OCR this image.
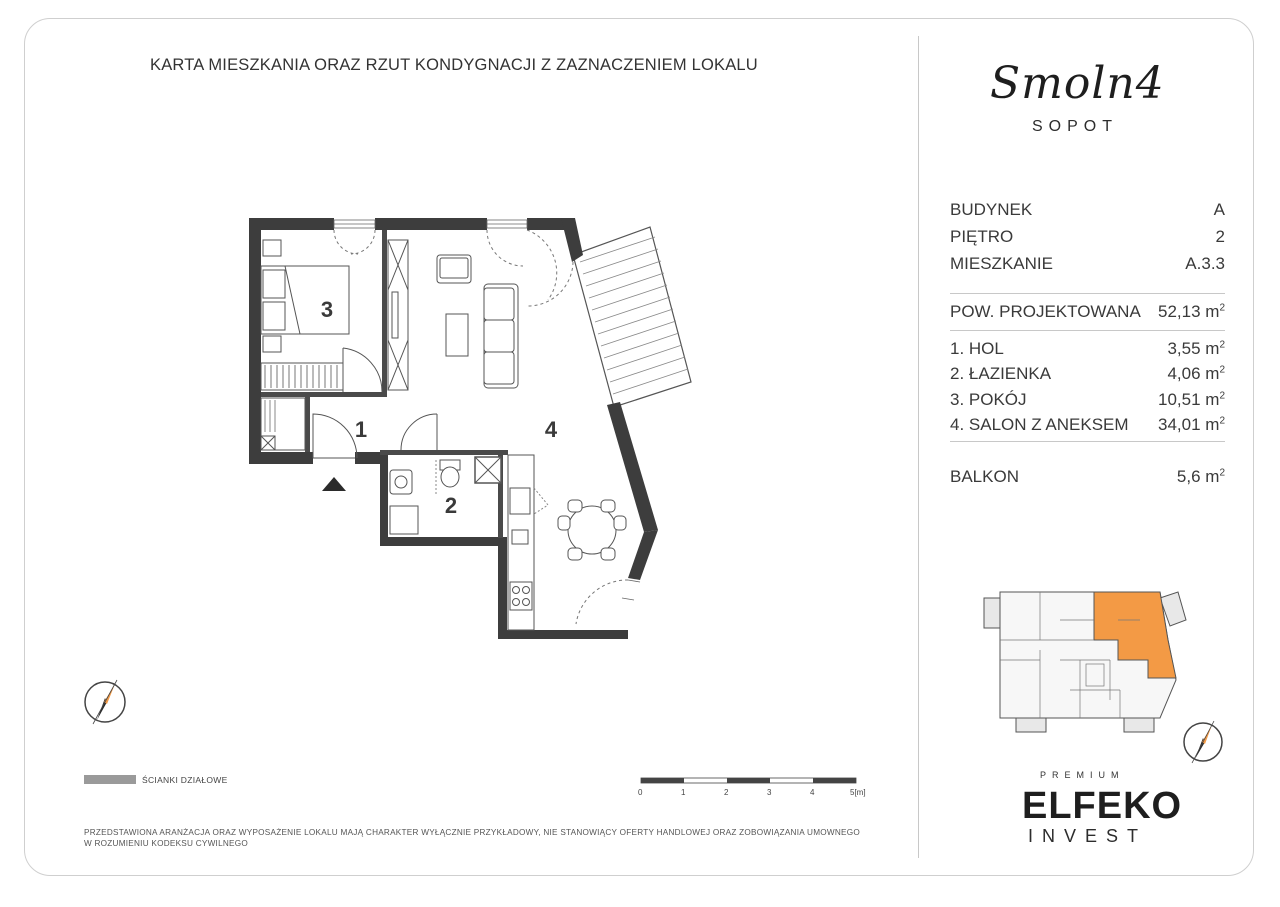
KARTA MIESZKANIA ORAZ RZUT KONDYGNACJI Z ZAZNACZENIEM LOKALU	Smoln4
SOPOT
BUDYNEK	A
PIĘTRO	2
MIESZKANIE	A.3.3
POW. PROJEKTOWANA 52,13 $m^2$
1. HOL	3,55 $m^2$
2. ŁAZIENKA	4,06 $m^2$
3. POKÓJ	10,51 $m^2$
4. SALON Z ANEKSEM 34,01 $m^2$
BALKON	5,6 $m^2$
3
1	4
2
0	1	2	3	4	5[m]
ŚCIANKI DZIAŁOWE
PRZEDSTAWIONA ARANŻACJA ORAZ WYPOSAŻENIE LOKALU MAJĄ CHARAKTER WYŁĄCZNIE PRZYKŁADOWY, NIE STANOWIĄCY OFERTY HANDLOWEJ ORAZ ZOBOWIĄZANIA UMOWNEGO W ROZUMIENIU KODEKSU CYWILNEGO
PREMIUM
ELFEKO
INVEST
